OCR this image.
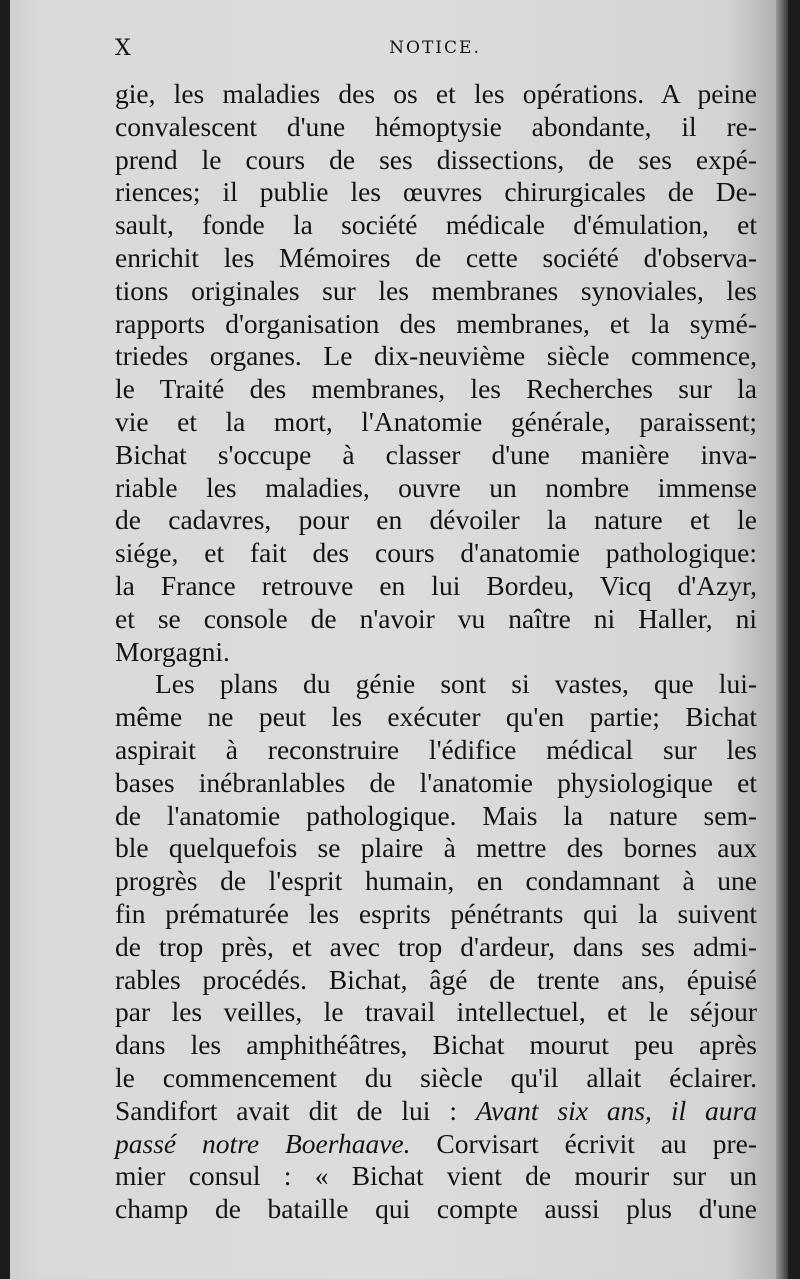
X	NOTICE.
gie, les maladies des os et les opérations. A peine
convalescent d'une hémoptysie abondante, il re-
prend le cours de ses dissections, de ses expé-
riences; il publie les œuvres chirurgicales de De-
sault, fonde la société médicale d'émulation, et
enrichit les Mémoires de cette société d'observa-
tions originales sur les membranes synoviales, les
rapports d'organisation des membranes, et la symé-
triedes organes. Le dix-neuvième siècle commence,
le Traité des membranes, les Recherches sur la
vie et la mort, l'Anatomie générale, paraissent;
Bichat s'occupe à classer d'une manière inva-
riable les maladies, ouvre un nombre immense
de cadavres, pour en dévoiler la nature et le
siége, et fait des cours d'anatomie pathologique:
la France retrouve en lui Bordeu, Vicq d'Azyr,
et se console de n'avoir vu naître ni Haller, ni
Morgagni.
Les plans du génie sont si vastes, que lui-
même ne peut les exécuter qu'en partie; Bichat
aspirait à reconstruire l'édifice médical sur les
bases inébranlables de l'anatomie physiologique et
de l'anatomie pathologique. Mais la nature sem-
ble quelquefois se plaire à mettre des bornes aux
progrès de l'esprit humain, en condamnant à une
fin prématurée les esprits pénétrants qui la suivent
de trop près, et avec trop d'ardeur, dans ses admi-
rables procédés. Bichat, âgé de trente ans, épuisé
par les veilles, le travail intellectuel, et le séjour
dans les amphithéâtres, Bichat mourut peu après
le commencement du siècle qu'il allait éclairer.
Sandifort avait dit de lui : Avant six ans, il aura
passé notre Boerhaave. Corvisart écrivit au pre-
mier consul : « Bichat vient de mourir sur un
champ de bataille qui compte aussi plus d'une
